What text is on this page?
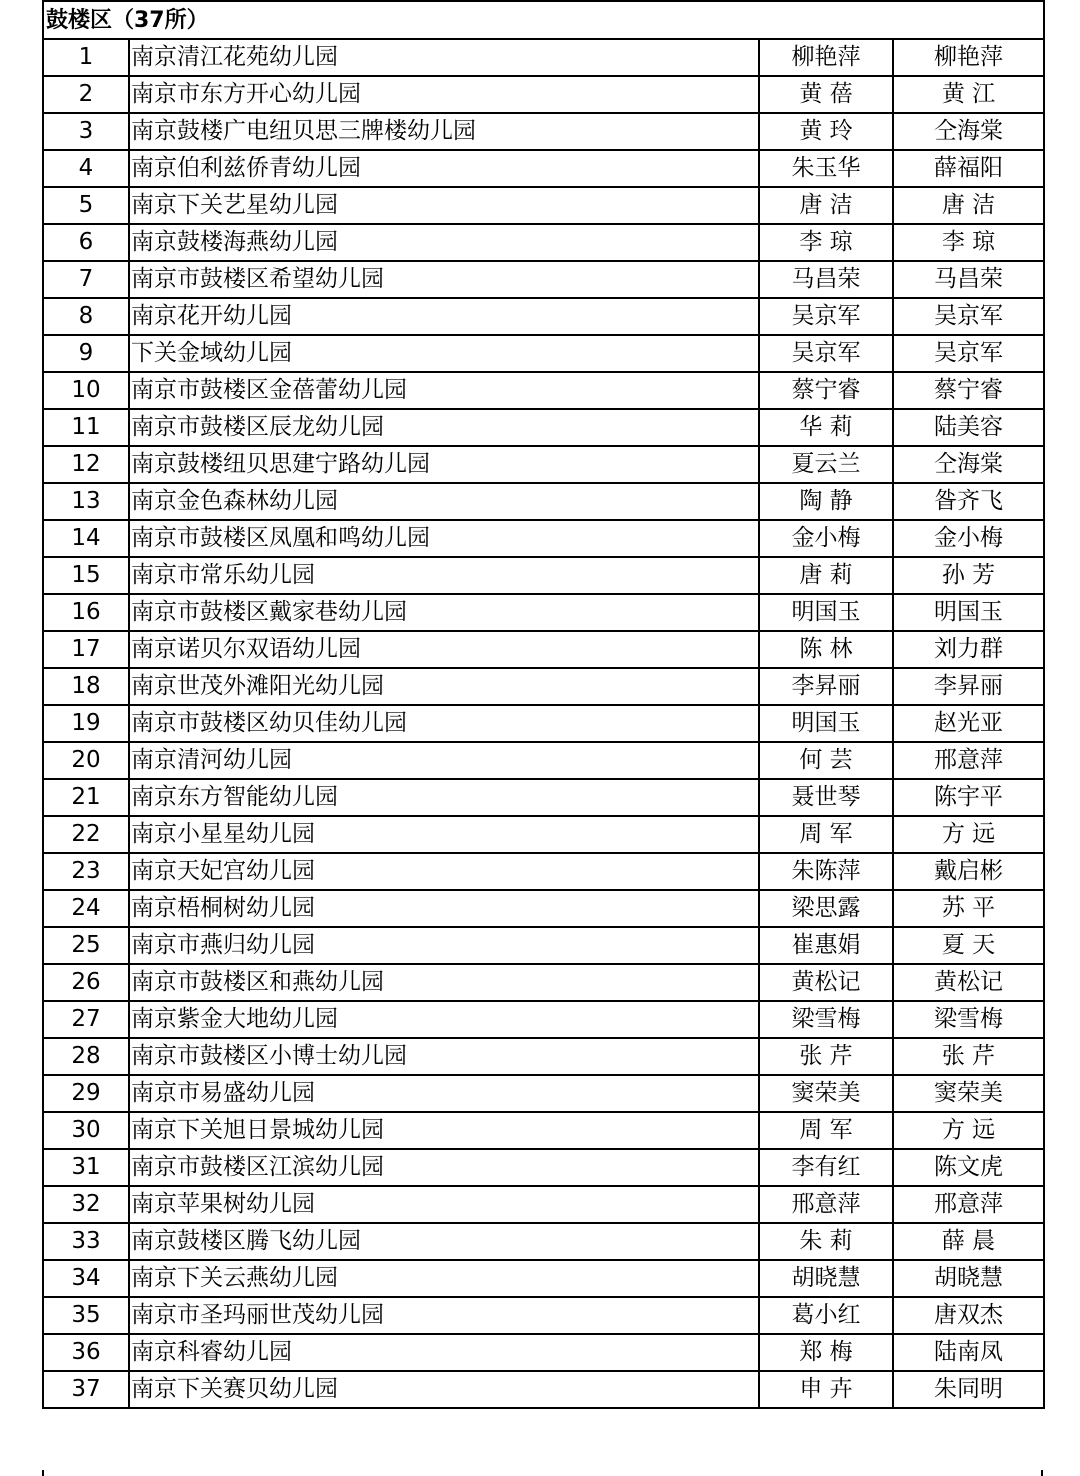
鼓楼区（37所）			
1	南京清江花苑幼儿园	柳艳萍	柳艳萍
2	南京市东方开心幼儿园	黄 蓓	黄 江
3	南京鼓楼广电纽贝思三牌楼幼儿园	黄 玲	仝海棠
4	南京伯利兹侨青幼儿园	朱玉华	薛福阳
5	南京下关艺星幼儿园	唐 洁	唐 洁
6	南京鼓楼海燕幼儿园	李 琼	李 琼
7	南京市鼓楼区希望幼儿园	马昌荣	马昌荣
8	南京花开幼儿园	吴京军	吴京军
9	下关金域幼儿园	吴京军	吴京军
10	南京市鼓楼区金蓓蕾幼儿园	蔡宁睿	蔡宁睿
11	南京市鼓楼区辰龙幼儿园	华 莉	陆美容
12	南京鼓楼纽贝思建宁路幼儿园	夏云兰	仝海棠
13	南京金色森林幼儿园	陶 静	昝齐飞
14	南京市鼓楼区凤凰和鸣幼儿园	金小梅	金小梅
15	南京市常乐幼儿园	唐 莉	孙 芳
16	南京市鼓楼区戴家巷幼儿园	明国玉	明国玉
17	南京诺贝尔双语幼儿园	陈 林	刘力群
18	南京世茂外滩阳光幼儿园	李昇丽	李昇丽
19	南京市鼓楼区幼贝佳幼儿园	明国玉	赵光亚
20	南京清河幼儿园	何 芸	邢意萍
21	南京东方智能幼儿园	聂世琴	陈宇平
22	南京小星星幼儿园	周 军	方 远
23	南京天妃宫幼儿园	朱陈萍	戴启彬
24	南京梧桐树幼儿园	梁思露	苏 平
25	南京市燕归幼儿园	崔惠娟	夏 天
26	南京市鼓楼区和燕幼儿园	黄松记	黄松记
27	南京紫金大地幼儿园	梁雪梅	梁雪梅
28	南京市鼓楼区小博士幼儿园	张 芹	张 芹
29	南京市易盛幼儿园	窦荣美	窦荣美
30	南京下关旭日景城幼儿园	周 军	方 远
31	南京市鼓楼区江滨幼儿园	李有红	陈文虎
32	南京苹果树幼儿园	邢意萍	邢意萍
33	南京鼓楼区腾飞幼儿园	朱 莉	薛 晨
34	南京下关云燕幼儿园	胡晓慧	胡晓慧
35	南京市圣玛丽世茂幼儿园	葛小红	唐双杰
36	南京科睿幼儿园	郑 梅	陆南凤
37	南京下关赛贝幼儿园	申 卉	朱同明
